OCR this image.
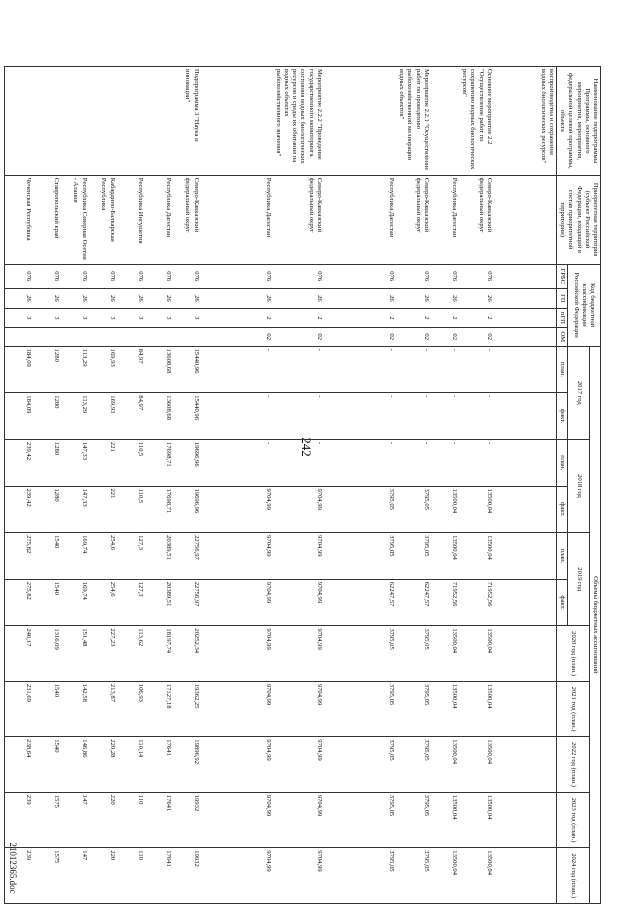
242
21012365.doc
Наименование подпрограммы Программы, основного мероприятия, мероприятия, федеральной целевой программы, объекта	Приоритетная территория (субъект Российской Федерации, входящий в состав приоритетной территории)	Код бюджетной классификации Российской Федерации				Объемы бюджетных ассигнований										
						2017 год		2018 год		2019 год		2020 год (план.)	2021 год (план.)	2022 год (план.)	2023 год (план.)	2024 год (план.)
		ГРБС	ГП	пГП	ОМ	план.	факт.	план.	факт.	план.	факт.					
воспроизводства и сохранения водных биологических ресурсов"																
Основное мероприятие 2.2 "Осуществление работ по сохранению водных биологических ресурсов"	Северо-Кавказский федеральный округ	076	26	2	02	-	-	-	13500,04	13500,04	71952,56	13500,04	13500,04	13500,04	13500,04	13500,04
	Республика Дагестан	076	26	2	02	-	-	-	13500,04	13500,04	71952,56	13500,04	13500,04	13500,04	13500,04	13500,04
Мероприятие 2.2.1 "Осуществление работ по проведению рыбохозяйственной мелиорации водных объектов"	Северо-Кавказский федеральный округ	076	26	2	02	-	-	-	3795,05	3795,05	62247,57	3795,05	3795,05	3795,05	3795,05	3795,05
	Республика Дагестан	076	26	2	02	-	-	-	3795,05	3795,05	62247,57	3795,05	3795,05	3795,05	3795,05	3795,05
Мероприятие 2.2.2 "Проведение государственного мониторинга состояния водных биологических ресурсов и среды их обитания на водных объектах рыбохозяйственного значения"	Северо-Кавказский федеральный округ	076	26	2	02	-	-	-	9704,99	9704,99	9704,99	9704,99	9704,99	9704,99	9704,99	9704,99
	Республика Дагестан	076	26	2	02	-	-	-	9704,99	9704,99	9704,99	9704,99	9704,99	9704,99	9704,99	9704,99
Подпрограмма 3 "Наука и инновации"	Северо-Кавказский федеральный округ	076	26	3		15440,96	15440,96	19696,96	19696,96	22756,97	22756,97	20252,34	19362,25	19896,92	19932	19932
	Республика Дагестан	076	26	3		13608,68	13608,68	17698,71	17698,71	20389,51	20389,51	18197,74	17127,18	17641	17641	17641
	Республика Ингушетия	076	26	3		84,97	84,97	110,5	110,5	127,3	127,3	113,62	106,93	110,14	110	110
	Кабардино-Балкарская Республика	076	26	3		169,93	169,93	221	221	254,6	254,6	227,23	213,87	220,28	220	220
	Республика Северная Осетия - Алания	076	26	3		113,29	113,29	147,33	147,33	169,74	169,74	151,48	142,58	146,86	147	147
	Ставропольский край	076	26	3		1280	1280	1280	1280	1540	1540	1316,09	1540	1540	1575	1575
	Чеченская Республика	076	26	3		184,09	184,09	239,42	239,42	275,82	275,82	246,17	231,69	238,64	239	239
